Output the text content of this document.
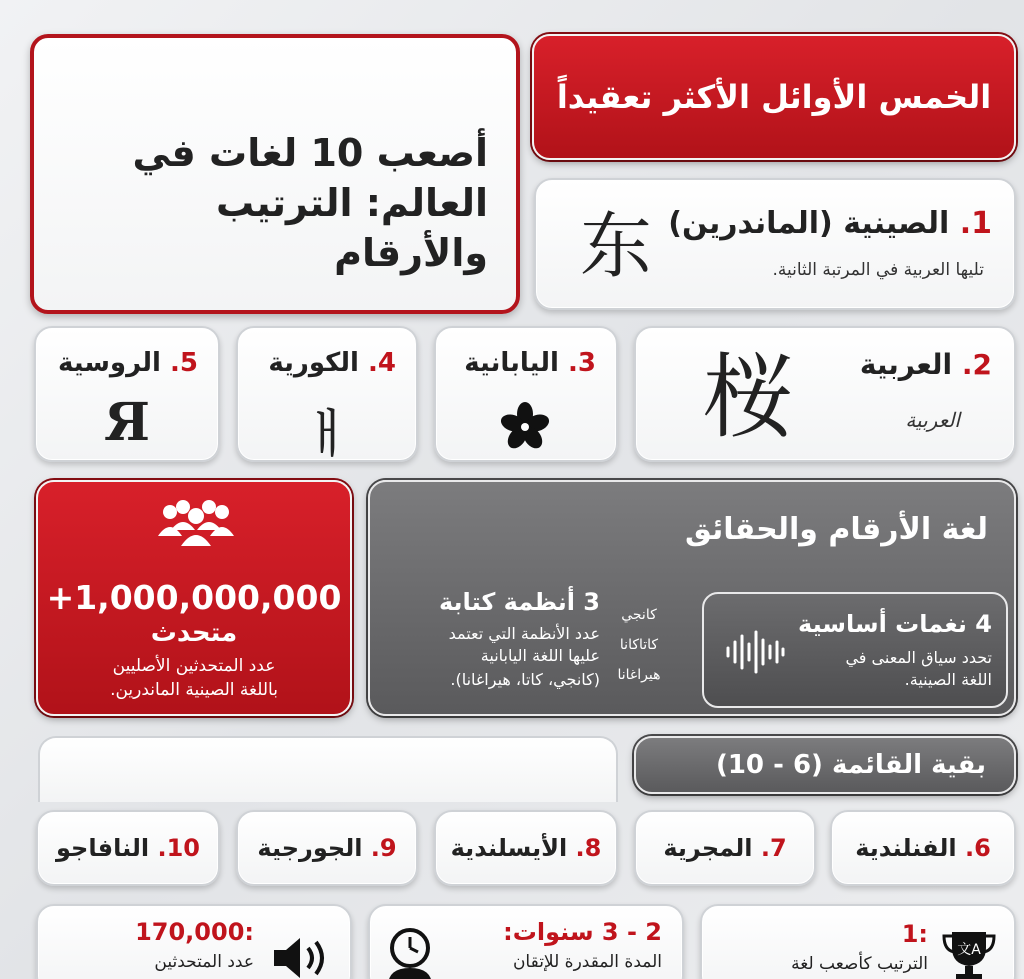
الخمس الأوائل الأكثر تعقيداً
أصعب 10 لغات في
العالم: الترتيب والأرقام
1. الصينية (الماندرين)
تليها العربية في المرتبة الثانية.
东
2. العربية
العربية
桜
3. اليابانية
4. الكورية
ㅐ
5. الروسية
Я
+1,000,000,000
متحدث
عدد المتحدثين الأصليين
باللغة الصينية الماندرين.
لغة الأرقام والحقائق
3 أنظمة كتابة
عدد الأنظمة التي تعتمد
عليها اللغة اليابانية
(كانجي، كاتا، هيراغانا).
كانجي
كاتاكانا
هيراغانا
4 نغمات أساسية
تحدد سياق المعنى في
اللغة الصينية.
بقية القائمة (6 - 10)
6.

الفنلندية
7.

المجرية
8.

الأيسلندية
9.

الجورجية
10.

النافاجو
1:
الترتيب كأصعب لغة
文A
2 - 3 سنوات:
المدة المقدرة للإتقان
170,000:
عدد المتحدثين
